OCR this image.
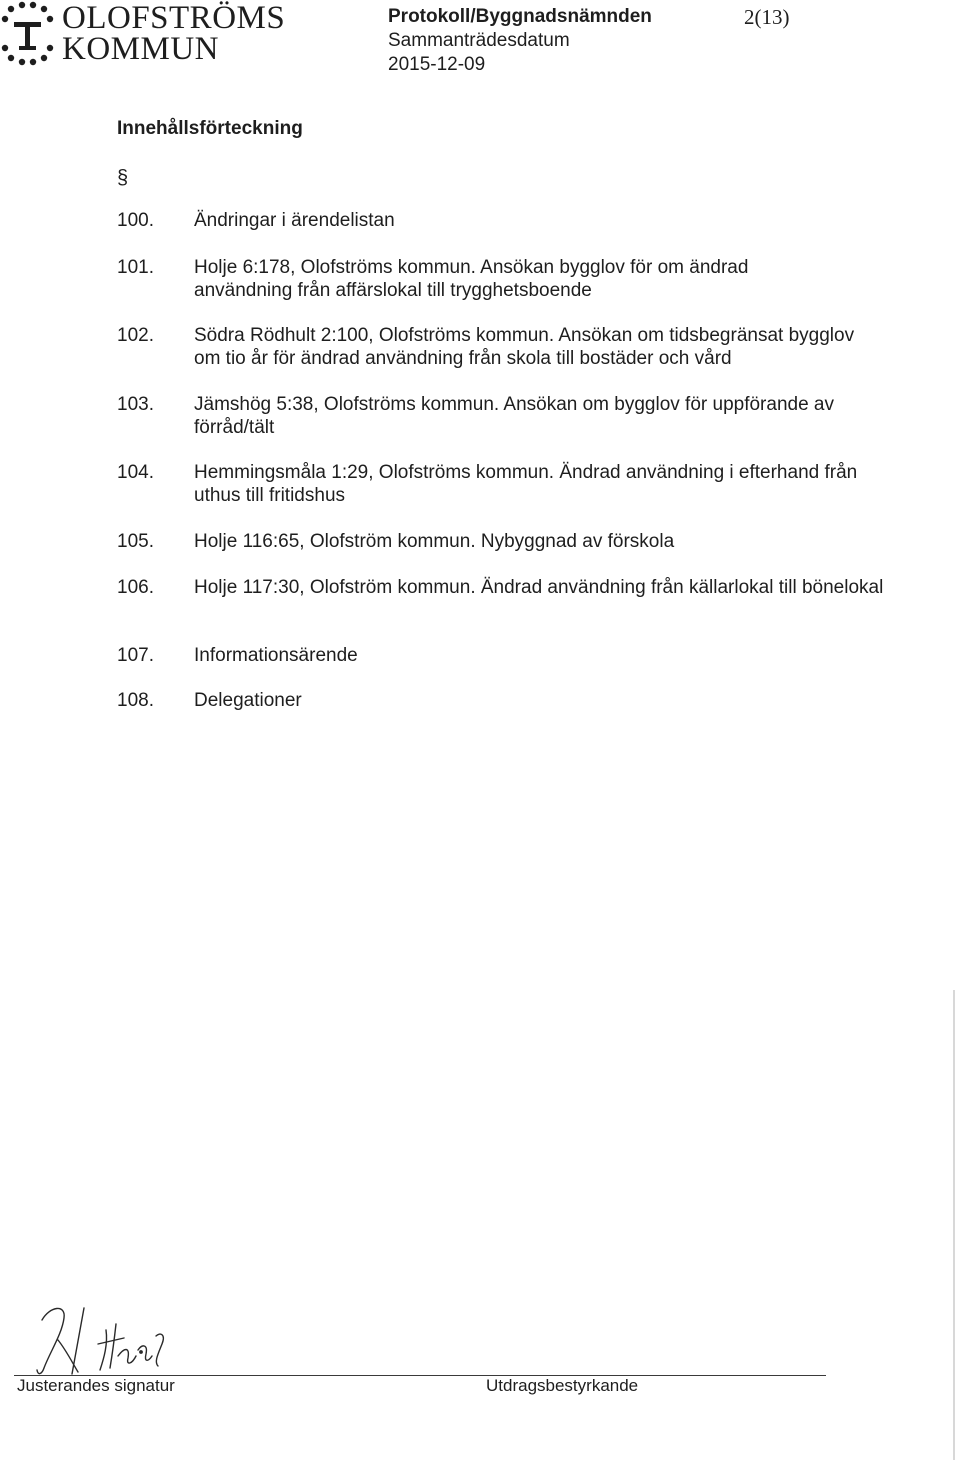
OLOFSTRÖMS
KOMMUN
Protokoll/Byggnadsnämnden
Sammanträdesdatum
2015-12-09
2(13)
Innehållsförteckning
§
100. Ändringar i ärendelistan
101. Holje 6:178, Olofströms kommun. Ansökan bygglov för om ändrad användning från affärslokal till trygghetsboende
102. Södra Rödhult 2:100, Olofströms kommun. Ansökan om tidsbegränsat bygglov om tio år för ändrad användning från skola till bostäder och vård
103. Jämshög 5:38, Olofströms kommun. Ansökan om bygglov för uppförande av förråd/tält
104. Hemmingsmåla 1:29, Olofströms kommun. Ändrad användning i efterhand från uthus till fritidshus
105. Holje 116:65, Olofström kommun. Nybyggnad av förskola
106. Holje 117:30, Olofström kommun. Ändrad användning från källarlokal till bönelokal
107. Informationsärende
108. Delegationer
Justerandes signatur	Utdragsbestyrkande
